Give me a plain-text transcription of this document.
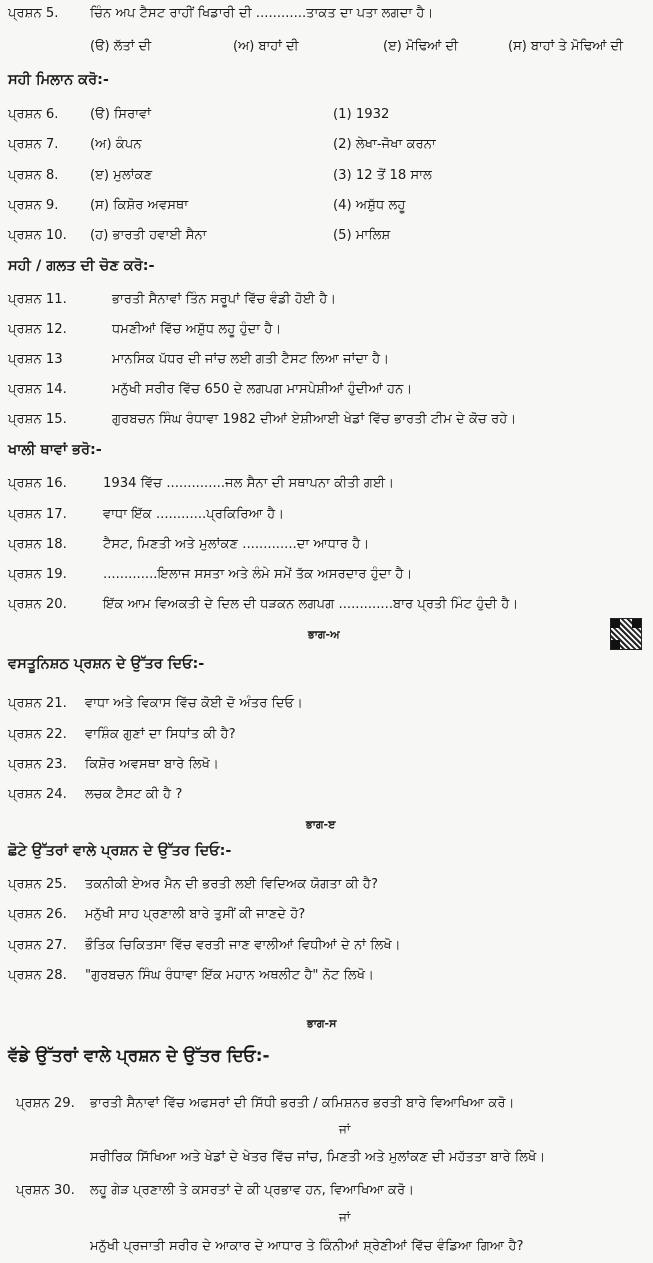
ਪ੍ਰਸ਼ਨ 5. ਚਿੰਨ ਅਪ ਟੈਸਟ ਰਾਹੀਂ ਖਿਡਾਰੀ ਦੀ ............ਤਾਕਤ ਦਾ ਪਤਾ ਲਗਦਾ ਹੈ।
(ੳ) ਲੱਤਾਂ ਦੀ	(ਅ) ਬਾਹਾਂ ਦੀ	(ੲ) ਮੋਢਿਆਂ ਦੀ	(ਸ) ਬਾਹਾਂ ਤੇ ਮੋਢਿਆਂ ਦੀ
ਸਹੀ ਮਿਲਾਨ ਕਰੋ:-
ਪ੍ਰਸ਼ਨ 6. (ੳ) ਸਿਰਾਵਾਂ	(1) 1932
ਪ੍ਰਸ਼ਨ 7. (ਅ) ਕੰਪਨ	(2) ਲੇਖਾ-ਜੋਖਾ ਕਰਨਾ
ਪ੍ਰਸ਼ਨ 8. (ੲ) ਮੁਲਾਂਕਣ	(3) 12 ਤੋਂ 18 ਸਾਲ
ਪ੍ਰਸ਼ਨ 9. (ਸ) ਕਿਸ਼ੋਰ ਅਵਸਥਾ	(4) ਅਸ਼ੁੱਧ ਲਹੂ
ਪ੍ਰਸ਼ਨ 10. (ਹ) ਭਾਰਤੀ ਹਵਾਈ ਸੈਨਾ	(5) ਮਾਲਿਸ਼
ਸਹੀ / ਗਲਤ ਦੀ ਚੋਣ ਕਰੋ:-
ਪ੍ਰਸ਼ਨ 11.	ਭਾਰਤੀ ਸੈਨਾਵਾਂ ਤਿੰਨ ਸਰੂਪਾਂ ਵਿੱਚ ਵੰਡੀ ਹੋਈ ਹੈ।
ਪ੍ਰਸ਼ਨ 12.	ਧਮਣੀਆਂ ਵਿੱਚ ਅਸ਼ੁੱਧ ਲਹੂ ਹੁੰਦਾ ਹੈ।
ਪ੍ਰਸ਼ਨ 13	ਮਾਨਸਿਕ ਪੱਧਰ ਦੀ ਜਾਂਚ ਲਈ ਗਤੀ ਟੈਸਟ ਲਿਆ ਜਾਂਦਾ ਹੈ।
ਪ੍ਰਸ਼ਨ 14.	ਮਨੁੱਖੀ ਸਰੀਰ ਵਿੱਚ 650 ਦੇ ਲਗਪਗ ਮਾਸਪੇਸ਼ੀਆਂ ਹੁੰਦੀਆਂ ਹਨ।
ਪ੍ਰਸ਼ਨ 15.	ਗੁਰਬਚਨ ਸਿੰਘ ਰੰਧਾਵਾ 1982 ਦੀਆਂ ਏਸ਼ੀਆਈ ਖੇਡਾਂ ਵਿੱਚ ਭਾਰਤੀ ਟੀਮ ਦੇ ਕੋਚ ਰਹੇ।
ਖਾਲੀ ਥਾਵਾਂ ਭਰੋ:-
ਪ੍ਰਸ਼ਨ 16.	1934 ਵਿੱਚ ..............ਜਲ ਸੈਨਾ ਦੀ ਸਥਾਪਨਾ ਕੀਤੀ ਗਈ।
ਪ੍ਰਸ਼ਨ 17.	ਵਾਧਾ ਇੱਕ ............ਪ੍ਰਕਿਰਿਆ ਹੈ।
ਪ੍ਰਸ਼ਨ 18.	ਟੈਸਟ, ਮਿਣਤੀ ਅਤੇ ਮੁਲਾਂਕਣ .............ਦਾ ਆਧਾਰ ਹੈ।
ਪ੍ਰਸ਼ਨ 19.	.............ਇਲਾਜ ਸਸਤਾ ਅਤੇ ਲੰਮੇ ਸਮੇਂ ਤੱਕ ਅਸਰਦਾਰ ਹੁੰਦਾ ਹੈ।
ਪ੍ਰਸ਼ਨ 20.	ਇੱਕ ਆਮ ਵਿਅਕਤੀ ਦੇ ਦਿਲ ਦੀ ਧੜਕਨ ਲਗਪਗ .............ਬਾਰ ਪ੍ਰਤੀ ਮਿੰਟ ਹੁੰਦੀ ਹੈ।
ਭਾਗ-ਅ
ਵਸਤੂਨਿਸ਼ਠ ਪ੍ਰਸ਼ਨ ਦੇ ਉੱਤਰ ਦਿਓ:-
ਪ੍ਰਸ਼ਨ 21. ਵਾਧਾ ਅਤੇ ਵਿਕਾਸ ਵਿੱਚ ਕੋਈ ਦੋ ਅੰਤਰ ਦਿਓ।
ਪ੍ਰਸ਼ਨ 22. ਵਾਸ਼ਿੰਕ ਗੁਣਾਂ ਦਾ ਸਿਧਾਂਤ ਕੀ ਹੈ?
ਪ੍ਰਸ਼ਨ 23. ਕਿਸ਼ੋਰ ਅਵਸਥਾ ਬਾਰੇ ਲਿਖੋ।
ਪ੍ਰਸ਼ਨ 24. ਲਚਕ ਟੈਸਟ ਕੀ ਹੈ ?
ਭਾਗ-ੲ
ਛੋਟੇ ਉੱਤਰਾਂ ਵਾਲੇ ਪ੍ਰਸ਼ਨ ਦੇ ਉੱਤਰ ਦਿਓ:-
ਪ੍ਰਸ਼ਨ 25. ਤਕਨੀਕੀ ਏਅਰ ਮੈਨ ਦੀ ਭਰਤੀ ਲਈ ਵਿਦਿਅਕ ਯੋਗਤਾ ਕੀ ਹੈ?
ਪ੍ਰਸ਼ਨ 26. ਮਨੁੱਖੀ ਸਾਹ ਪ੍ਰਣਾਲੀ ਬਾਰੇ ਤੁਸੀਂ ਕੀ ਜਾਣਦੇ ਹੋ?
ਪ੍ਰਸ਼ਨ 27. ਭੌਤਿਕ ਚਿਕਿਤਸਾ ਵਿੱਚ ਵਰਤੀ ਜਾਣ ਵਾਲੀਆਂ ਵਿਧੀਆਂ ਦੇ ਨਾਂ ਲਿਖੋ।
ਪ੍ਰਸ਼ਨ 28. "ਗੁਰਬਚਨ ਸਿੰਘ ਰੰਧਾਵਾ ਇੱਕ ਮਹਾਨ ਅਥਲੀਟ ਹੈ" ਨੋਟ ਲਿਖੋ।
ਭਾਗ-ਸ
ਵੱਡੇ ਉੱਤਰਾਂ ਵਾਲੇ ਪ੍ਰਸ਼ਨ ਦੇ ਉੱਤਰ ਦਿਓ:-
ਪ੍ਰਸ਼ਨ 29. ਭਾਰਤੀ ਸੈਨਾਵਾਂ ਵਿੱਚ ਅਫਸਰਾਂ ਦੀ ਸਿੱਧੀ ਭਰਤੀ / ਕਮਿਸ਼ਨਰ ਭਰਤੀ ਬਾਰੇ ਵਿਆਖਿਆ ਕਰੋ।
ਜਾਂ
ਸਰੀਰਿਕ ਸਿੱਖਿਆ ਅਤੇ ਖੇਡਾਂ ਦੇ ਖੇਤਰ ਵਿੱਚ ਜਾਂਚ, ਮਿਣਤੀ ਅਤੇ ਮੁਲਾਂਕਣ ਦੀ ਮਹੱਤਤਾ ਬਾਰੇ ਲਿਖੋ।
ਪ੍ਰਸ਼ਨ 30. ਲਹੂ ਗੇੜ ਪ੍ਰਣਾਲੀ ਤੇ ਕਸਰਤਾਂ ਦੇ ਕੀ ਪ੍ਰਭਾਵ ਹਨ, ਵਿਆਖਿਆ ਕਰੋ।
ਜਾਂ
ਮਨੁੱਖੀ ਪ੍ਰਜਾਤੀ ਸਰੀਰ ਦੇ ਆਕਾਰ ਦੇ ਆਧਾਰ ਤੇ ਕਿੰਨੀਆਂ ਸ਼੍ਰੇਣੀਆਂ ਵਿੱਚ ਵੰਡਿਆ ਗਿਆ ਹੈ?
